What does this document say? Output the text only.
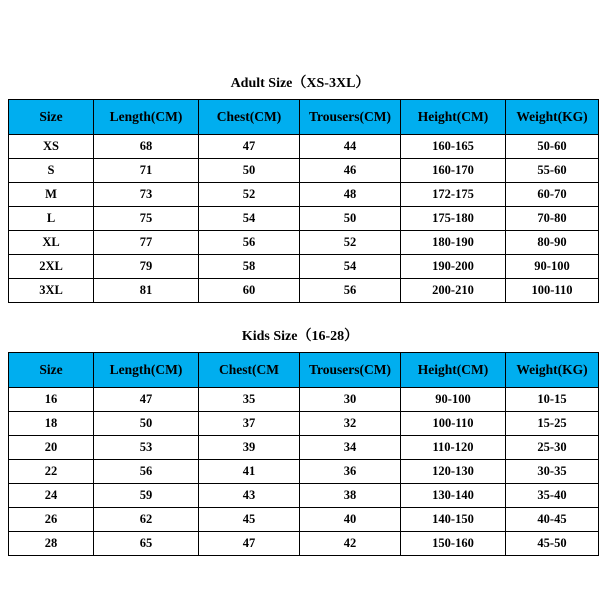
Adult Size（XS-3XL）
Size	Length(CM)	Chest(CM)	Trousers(CM)	Height(CM)	Weight(KG)
XS	68	47	44	160-165	50-60
S	71	50	46	160-170	55-60
M	73	52	48	172-175	60-70
L	75	54	50	175-180	70-80
XL	77	56	52	180-190	80-90
2XL	79	58	54	190-200	90-100
3XL	81	60	56	200-210	100-110
Kids Size（16-28）
Size	Length(CM)	Chest(CM	Trousers(CM)	Height(CM)	Weight(KG)
16	47	35	30	90-100	10-15
18	50	37	32	100-110	15-25
20	53	39	34	110-120	25-30
22	56	41	36	120-130	30-35
24	59	43	38	130-140	35-40
26	62	45	40	140-150	40-45
28	65	47	42	150-160	45-50
